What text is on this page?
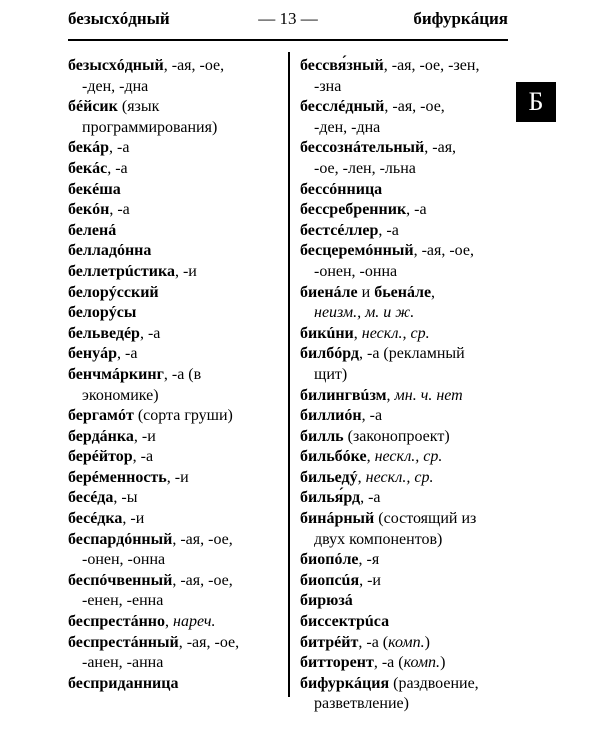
— 13 —
безысхóдный	бифуркáция
Б
безысхóдный, -ая, -ое,
-ден, -дна
бéйсик (язык
программирования)
бекáр, -а
бекáс, -а
бекéша
бекóн, -а
беленá
белладóнна
беллетрúстика, -и
белорýсский
белорýсы
бельведéр, -а
бенуáр, -а
бенчмáркинг, -а (в
экономике)
бергамóт (сорта груши)
бердáнка, -и
берéйтор, -а
берéменность, -и
бесéда, -ы
бесéдка, -и
беспардóнный, -ая, -ое,
-онен, -онна
беспóчвенный, -ая, -ое,
-енен, -енна
беспрестáнно, нареч.
беспрестáнный, -ая, -ое,
-анен, -анна
бесприданница
бессвя́зный, -ая, -ое, -зен,
-зна
бесслéдный, -ая, -ое,
-ден, -дна
бессознáтельный, -ая,
-ое, -лен, -льна
бессóнница
бессребренник, -а
бестсéллер, -а
бесцеремóнный, -ая, -ое,
-онен, -онна
биенáле и бьенáле,
неизм., м. и ж.
бикúни, нескл., ср.
билбóрд, -а (рекламный
щит)
билингвúзм, мн. ч. нет
биллиóн, -а
билль (законопроект)
бильбóке, нескл., ср.
бильедý, нескл., ср.
билья́рд, -а
бинáрный (состоящий из
двух компонентов)
биопóле, -я
биопсúя, -и
бирюзá
биссектрúса
битрéйт, -а (комп.)
битторент, -а (комп.)
бифуркáция (раздвоение,
разветвление)
